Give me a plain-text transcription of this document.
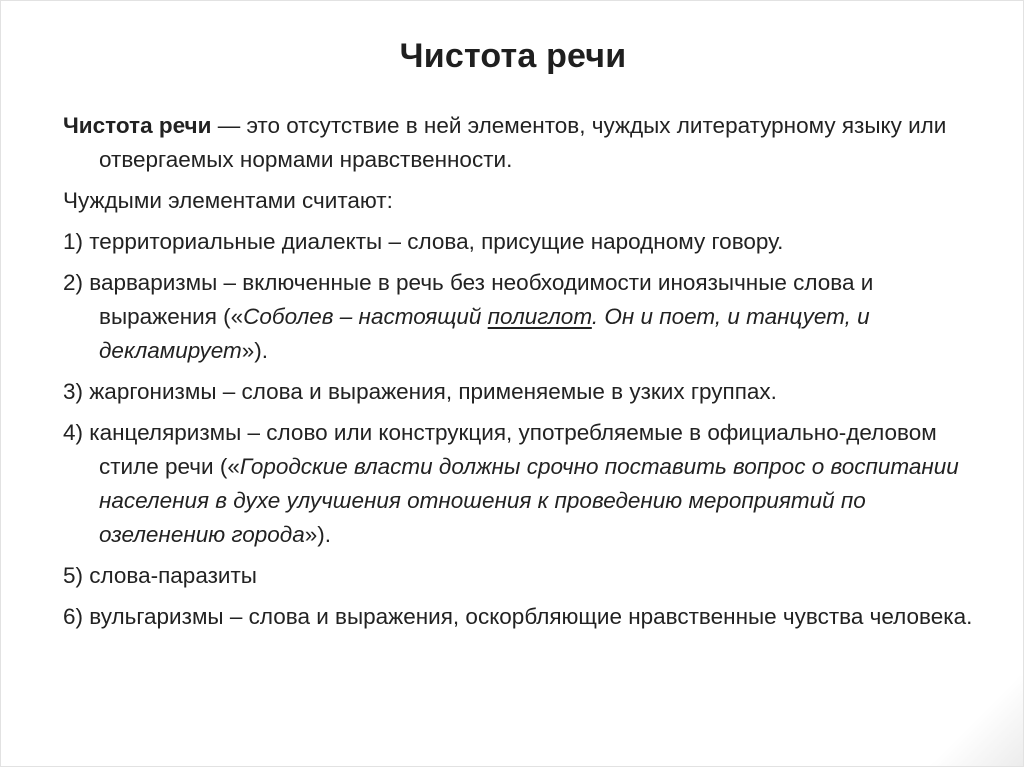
Чистота речи

Чистота речи — это отсутствие в ней элементов, чуждых литературному языку или отвергаемых нормами нравственности.

Чуждыми элементами считают:

1) территориальные диалекты – слова, присущие народному говору.

2) варваризмы – включенные в речь без необходимости иноязычные слова и выражения («Соболев – настоящий полиглот. Он и поет, и танцует, и декламирует»).

3) жаргонизмы – слова и выражения, применяемые в узких группах.

4) канцеляризмы – слово или конструкция, употребляемые в официально-деловом стиле речи («Городские власти должны срочно поставить вопрос о воспитании населения в духе улучшения отношения к проведению мероприятий по озеленению города»).

5) слова-паразиты

6) вульгаризмы – слова и выражения, оскорбляющие нравственные чувства человека.
